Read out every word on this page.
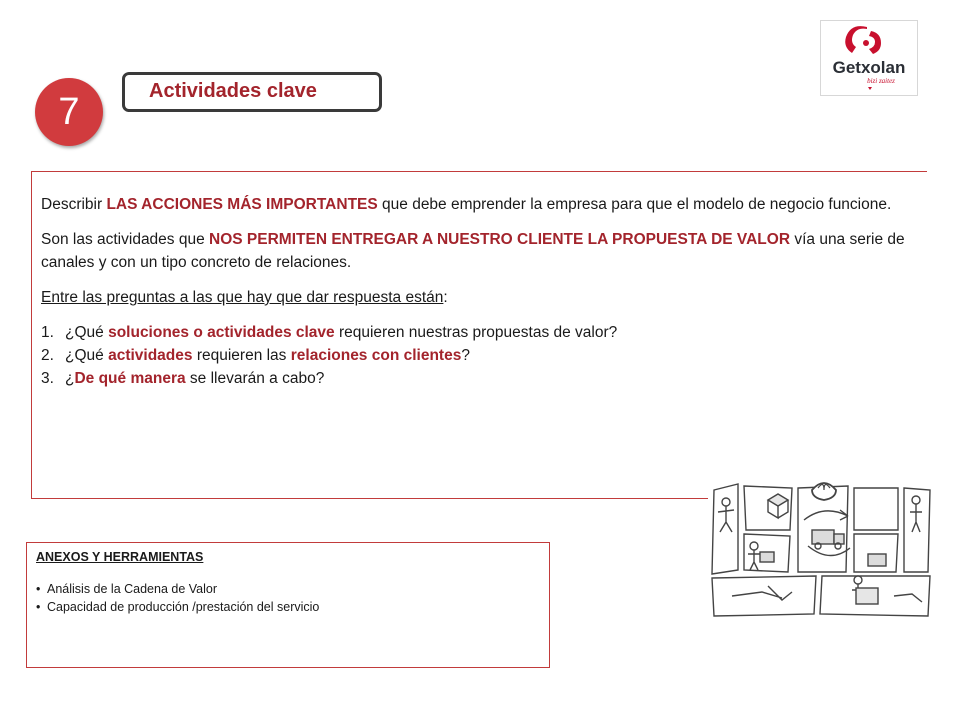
7	Actividades clave
Getxolan
bizi zaitez

Describir LAS ACCIONES MÁS IMPORTANTES que debe emprender la empresa para que el modelo de negocio funcione.

Son las actividades que NOS PERMITEN ENTREGAR A NUESTRO CLIENTE LA PROPUESTA DE VALOR vía una serie de canales y con un tipo concreto de relaciones.

Entre las preguntas a las que hay que dar respuesta están:

1. ¿Qué soluciones o actividades clave requieren nuestras propuestas de valor?
2. ¿Qué actividades requieren las relaciones con clientes?
3. ¿De qué manera se llevarán a cabo?
ANEXOS Y HERRAMIENTAS
• Análisis de la Cadena de Valor
• Capacidad de producción /prestación del servicio
